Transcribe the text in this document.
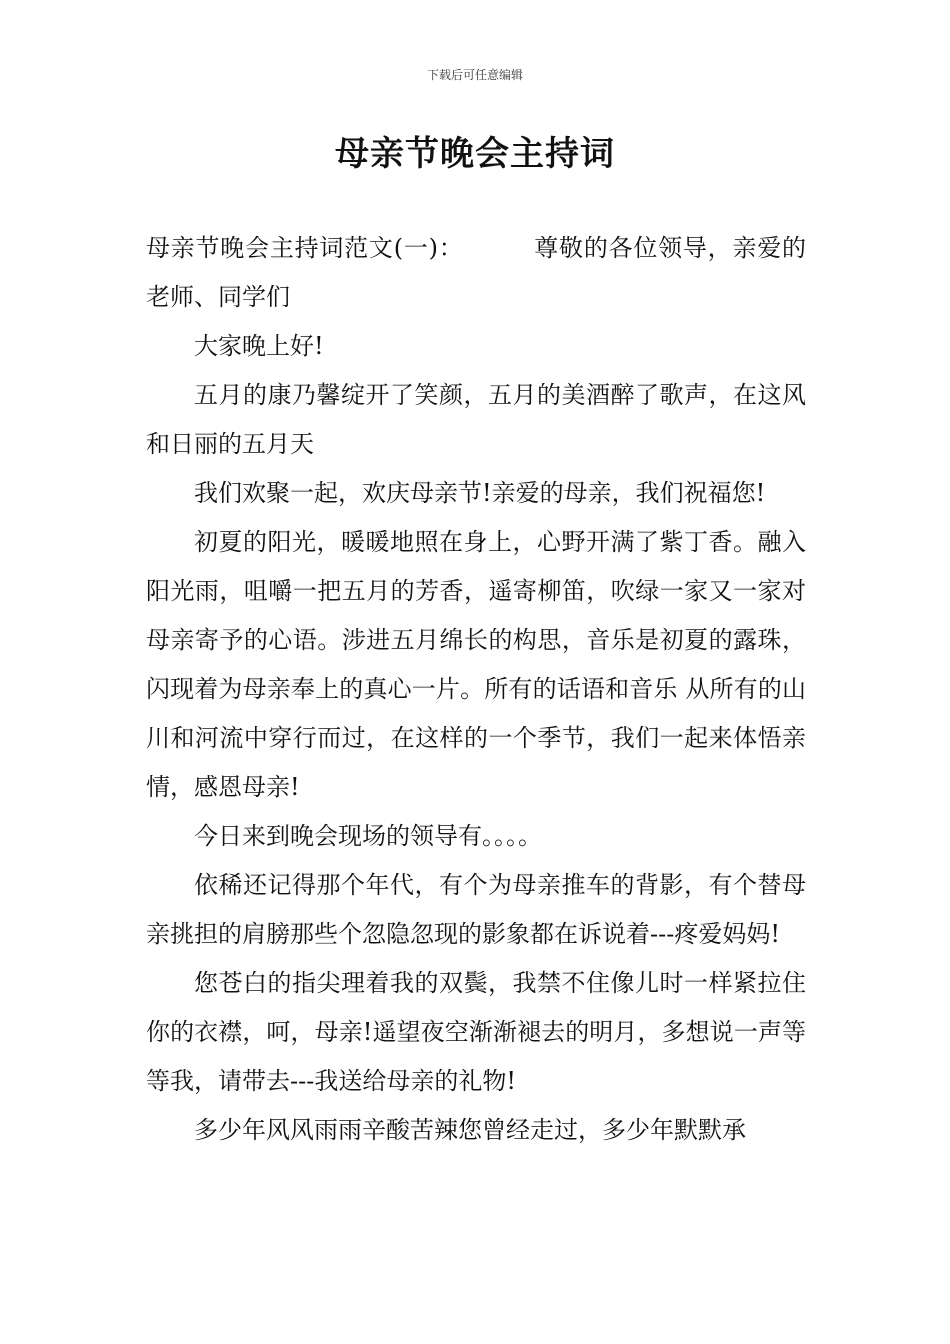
下载后可任意编辑
母亲节晚会主持词

母亲节晚会主持词范文(一)：	尊敬的各位领导，亲爱的老师、同学们

大家晚上好!

五月的康乃馨绽开了笑颜，五月的美酒醉了歌声，在这风和日丽的五月天

我们欢聚一起，欢庆母亲节!亲爱的母亲，我们祝福您!

初夏的阳光，暖暖地照在身上，心野开满了紫丁香。融入阳光雨，咀嚼一把五月的芳香，遥寄柳笛，吹绿一家又一家对母亲寄予的心语。涉进五月绵长的构思，音乐是初夏的露珠，闪现着为母亲奉上的真心一片。所有的话语和音乐 从所有的山川和河流中穿行而过，在这样的一个季节，我们一起来体悟亲情，感恩母亲!

今日来到晚会现场的领导有。。。。

依稀还记得那个年代，有个为母亲推车的背影，有个替母亲挑担的肩膀那些个忽隐忽现的影象都在诉说着---疼爱妈妈!

您苍白的指尖理着我的双鬓，我禁不住像儿时一样紧拉住你的衣襟，呵，母亲!遥望夜空渐渐褪去的明月，多想说一声等等我，请带去---我送给母亲的礼物!

多少年风风雨雨辛酸苦辣您曾经走过，多少年默默承
